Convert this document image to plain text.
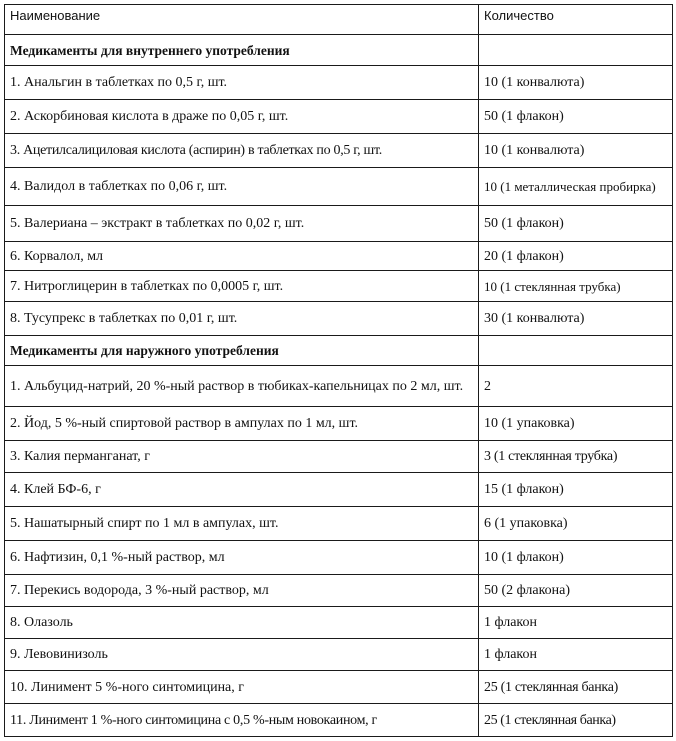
Наименование	Количество
Медикаменты для внутреннего употребления	
1. Анальгин в таблетках по 0,5 г, шт.	10 (1 конвалюта)
2. Аскорбиновая кислота в драже по 0,05 г, шт.	50 (1 флакон)
3. Ацетилсалициловая кислота (аспирин) в таблетках по 0,5 г, шт.	10 (1 конвалюта)
4. Валидол в таблетках по 0,06 г, шт.	10 (1 металлическая пробирка)
5. Валериана – экстракт в таблетках по 0,02 г, шт.	50 (1 флакон)
6. Корвалол, мл	20 (1 флакон)
7. Нитроглицерин в таблетках по 0,0005 г, шт.	10 (1 стеклянная трубка)
8. Тусупрекс в таблетках по 0,01 г, шт.	30 (1 конвалюта)
Медикаменты для наружного употребления	
1. Альбуцид-натрий, 20 %-ный раствор в тюбиках-капельницах по 2 мл, шт.	2
2. Йод, 5 %-ный спиртовой раствор в ампулах по 1 мл, шт.	10 (1 упаковка)
3. Калия перманганат, г	3 (1 стеклянная трубка)
4. Клей БФ-6, г	15 (1 флакон)
5. Нашатырный спирт по 1 мл в ампулах, шт.	6 (1 упаковка)
6. Нафтизин, 0,1 %-ный раствор, мл	10 (1 флакон)
7. Перекись водорода, 3 %-ный раствор, мл	50 (2 флакона)
8. Олазоль	1 флакон
9. Левовинизоль	1 флакон
10. Линимент 5 %-ного синтомицина, г	25 (1 стеклянная банка)
11. Линимент 1 %-ного синтомицина с 0,5 %-ным новокаином, г	25 (1 стеклянная банка)
